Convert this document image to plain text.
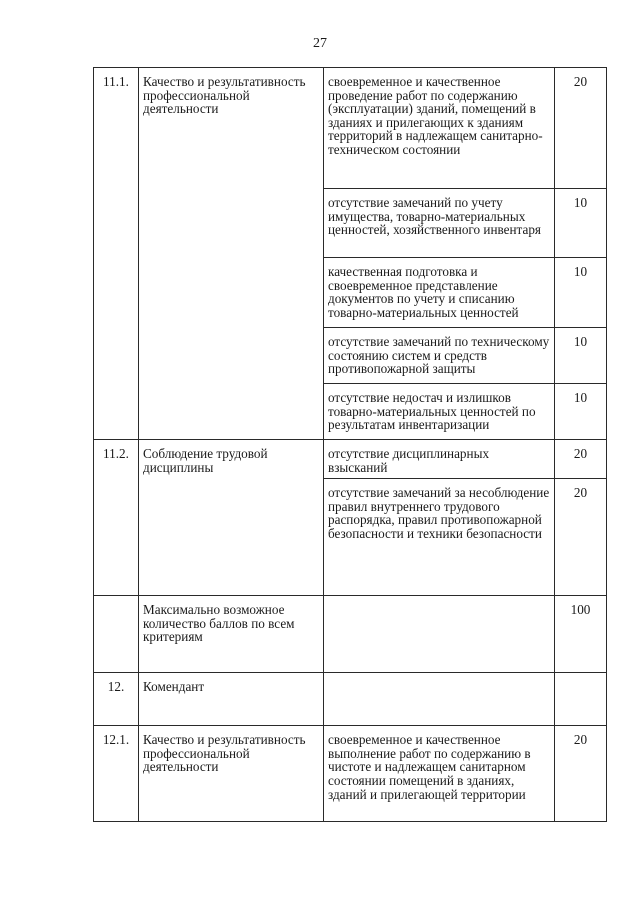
27
11.1.	Качество и результативность профессиональной деятельности	своевременное и качественное проведение работ по содержанию (эксплуатации) зданий, помещений в зданиях и прилегающих к зданиям территорий в надлежащем санитарно-техническом состоянии	20
		отсутствие замечаний по учету имущества, товарно-материальных ценностей, хозяйственного инвентаря	10
		качественная подготовка и своевременное представление документов по учету и списанию товарно-материальных ценностей	10
		отсутствие замечаний по техническому состоянию систем и средств противопожарной защиты	10
		отсутствие недостач и излишков товарно-материальных ценностей по результатам инвентаризации	10
11.2.	Соблюдение трудовой дисциплины	отсутствие дисциплинарных взысканий	20
		отсутствие замечаний за несоблюдение правил внутреннего трудового распорядка, правил противопожарной безопасности и техники безопасности	20
	Максимально возможное количество баллов по всем критериям		100
12.	Комендант		
12.1.	Качество и результативность профессиональной деятельности	своевременное и качественное выполнение работ по содержанию в чистоте и надлежащем санитарном состоянии помещений в зданиях, зданий и прилегающей территории	20
